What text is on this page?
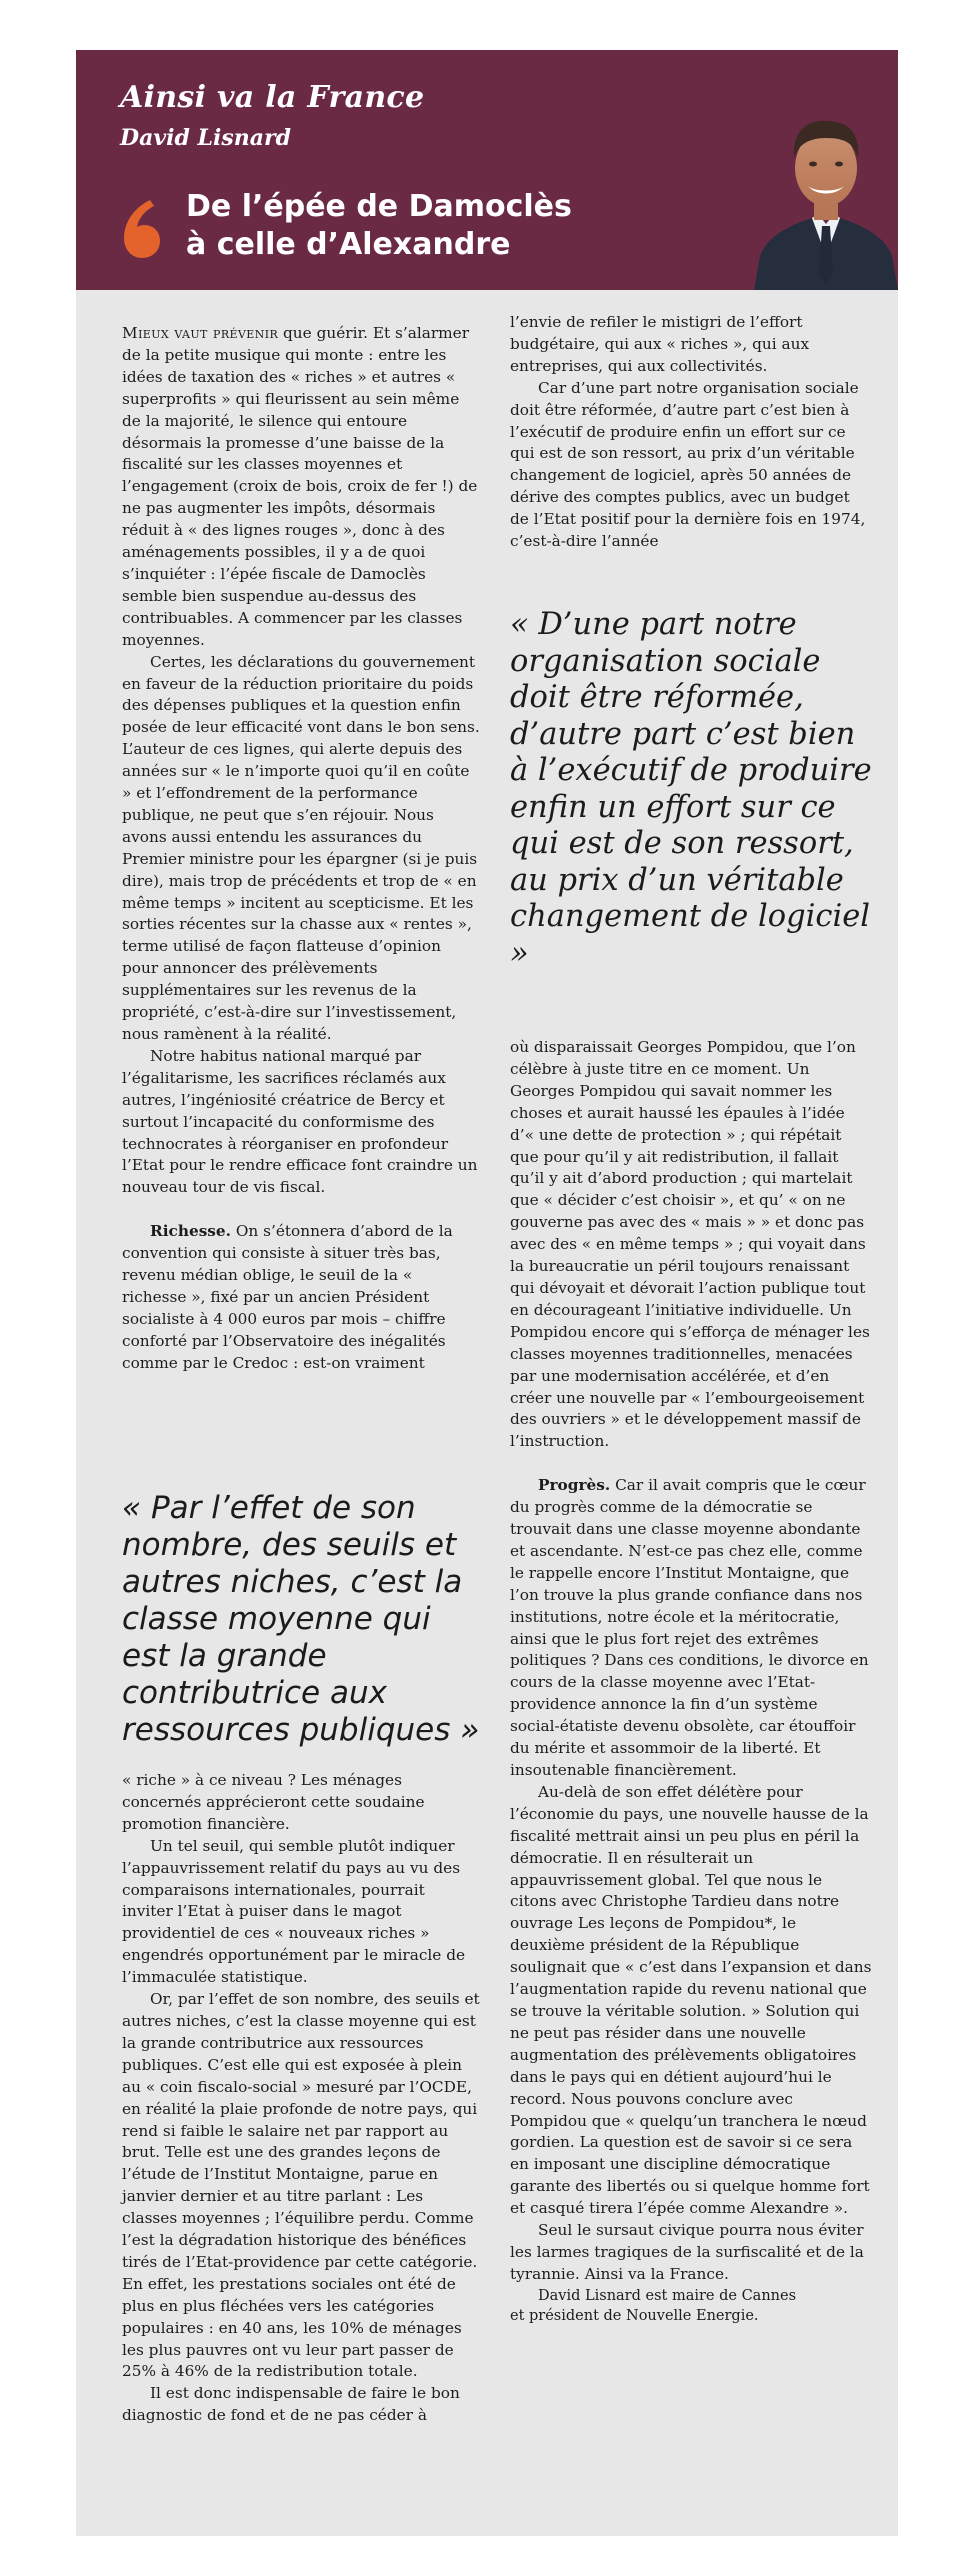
Ainsi va la France
David Lisnard
De l’épée de Damoclès
à celle d’Alexandre

Mieux vaut prévenir que guérir. Et s’alarmer de la petite musique qui monte : entre les idées de taxation des « riches » et autres « superprofits » qui fleurissent au sein même de la majorité, le silence qui entoure désormais la promesse d’une baisse de la fiscalité sur les classes moyennes et l’engagement (croix de bois, croix de fer !) de ne pas augmenter les impôts, désormais réduit à « des lignes rouges », donc à des aménagements possibles, il y a de quoi s’inquiéter : l’épée fiscale de Damoclès semble bien suspendue au-dessus des contribuables. A commencer par les classes moyennes.

Certes, les déclarations du gouvernement en faveur de la réduction prioritaire du poids des dépenses publiques et la question enfin posée de leur efficacité vont dans le bon sens. L’auteur de ces lignes, qui alerte depuis des années sur « le n’importe quoi qu’il en coûte » et l’effondrement de la performance publique, ne peut que s’en réjouir. Nous avons aussi entendu les assurances du Premier ministre pour les épargner (si je puis dire), mais trop de précédents et trop de « en même temps » incitent au scepticisme. Et les sorties récentes sur la chasse aux « rentes », terme utilisé de façon flatteuse d’opinion pour annoncer des prélèvements supplémentaires sur les revenus de la propriété, c’est-à-dire sur l’investissement, nous ramènent à la réalité.

Notre habitus national marqué par l’égalitarisme, les sacrifices réclamés aux autres, l’ingéniosité créatrice de Bercy et surtout l’incapacité du conformisme des technocrates à réorganiser en profondeur l’Etat pour le rendre efficace font craindre un nouveau tour de vis fiscal.

Richesse. On s’étonnera d’abord de la convention qui consiste à situer très bas, revenu médian oblige, le seuil de la « richesse », fixé par un ancien Président socialiste à 4 000 euros par mois – chiffre conforté par l’Observatoire des inégalités comme par le Credoc : est-on vraiment

« Par l’effet de son nombre, des seuils et autres niches, c’est la classe moyenne qui est la grande contributrice aux ressources publiques »

« riche » à ce niveau ? Les ménages concernés apprécieront cette soudaine promotion financière.

Un tel seuil, qui semble plutôt indiquer l’appauvrissement relatif du pays au vu des comparaisons internationales, pourrait inviter l’Etat à puiser dans le magot providentiel de ces « nouveaux riches » engendrés opportunément par le miracle de l’immaculée statistique.

Or, par l’effet de son nombre, des seuils et autres niches, c’est la classe moyenne qui est la grande contributrice aux ressources publiques. C’est elle qui est exposée à plein au « coin fiscalo-social » mesuré par l’OCDE, en réalité la plaie profonde de notre pays, qui rend si faible le salaire net par rapport au brut. Telle est une des grandes leçons de l’étude de l’Institut Montaigne, parue en janvier dernier et au titre parlant : Les classes moyennes ; l’équilibre perdu. Comme l’est la dégradation historique des bénéfices tirés de l’Etat-providence par cette catégorie. En effet, les prestations sociales ont été de plus en plus fléchées vers les catégories populaires : en 40 ans, les 10% de ménages les plus pauvres ont vu leur part passer de 25% à 46% de la redistribution totale.

Il est donc indispensable de faire le bon diagnostic de fond et de ne pas céder à

l’envie de refiler le mistigri de l’effort budgétaire, qui aux « riches », qui aux entreprises, qui aux collectivités.

Car d’une part notre organisation sociale doit être réformée, d’autre part c’est bien à l’exécutif de produire enfin un effort sur ce qui est de son ressort, au prix d’un véritable changement de logiciel, après 50 années de dérive des comptes publics, avec un budget de l’Etat positif pour la dernière fois en 1974, c’est-à-dire l’année

« D’une part notre organisation sociale doit être réformée, d’autre part c’est bien à l’exécutif de produire enfin un effort sur ce qui est de son ressort, au prix d’un véritable changement de logiciel »

où disparaissait Georges Pompidou, que l’on célèbre à juste titre en ce moment. Un Georges Pompidou qui savait nommer les choses et aurait haussé les épaules à l’idée d’« une dette de protection » ; qui répétait que pour qu’il y ait redistribution, il fallait qu’il y ait d’abord production ; qui martelait que « décider c’est choisir », et qu’ « on ne gouverne pas avec des « mais » » et donc pas avec des « en même temps » ; qui voyait dans la bureaucratie un péril toujours renaissant qui dévoyait et dévorait l’action publique tout en décourageant l’initiative individuelle. Un Pompidou encore qui s’efforça de ménager les classes moyennes traditionnelles, menacées par une modernisation accélérée, et d’en créer une nouvelle par « l’embourgeoisement des ouvriers » et le développement massif de l’instruction.

Progrès. Car il avait compris que le cœur du progrès comme de la démocratie se trouvait dans une classe moyenne abondante et ascendante. N’est-ce pas chez elle, comme le rappelle encore l’Institut Montaigne, que l’on trouve la plus grande confiance dans nos institutions, notre école et la méritocratie, ainsi que le plus fort rejet des extrêmes politiques ? Dans ces conditions, le divorce en cours de la classe moyenne avec l’Etat-providence annonce la fin d’un système social-étatiste devenu obsolète, car étouffoir du mérite et assommoir de la liberté. Et insoutenable financièrement.

Au-delà de son effet délétère pour l’économie du pays, une nouvelle hausse de la fiscalité mettrait ainsi un peu plus en péril la démocratie. Il en résulterait un appauvrissement global. Tel que nous le citons avec Christophe Tardieu dans notre ouvrage Les leçons de Pompidou*, le deuxième président de la République soulignait que « c’est dans l’expansion et dans l’augmentation rapide du revenu national que se trouve la véritable solution. » Solution qui ne peut pas résider dans une nouvelle augmentation des prélèvements obligatoires dans le pays qui en détient aujourd’hui le record. Nous pouvons conclure avec Pompidou que « quelqu’un tranchera le nœud gordien. La question est de savoir si ce sera en imposant une discipline démocratique garante des libertés ou si quelque homme fort et casqué tirera l’épée comme Alexandre ».

Seul le sursaut civique pourra nous éviter les larmes tragiques de la surfiscalité et de la tyrannie. Ainsi va la France.

David Lisnard est maire de Cannes
et président de Nouvelle Energie.
